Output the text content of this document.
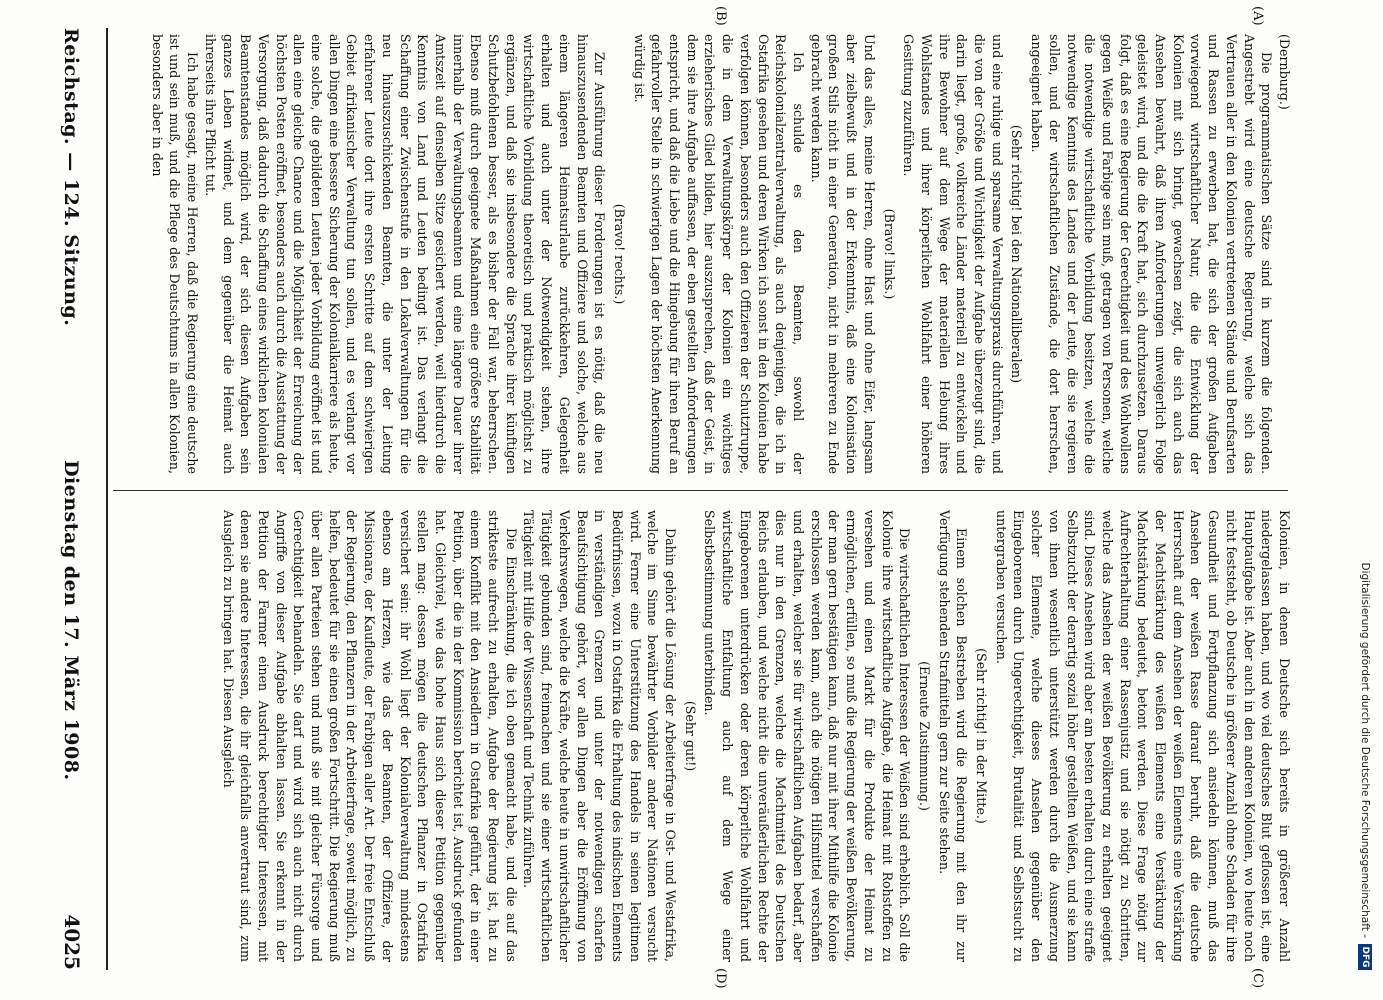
Digitalisierung gefördert durch die Deutsche Forschungsgemeinschaft -
DFG

(Dernburg.)

Die programmatischen Sätze sind in kurzem die folgenden. Angestrebt wird eine deutsche Regierung, welche sich das Vertrauen aller in den Kolonien vertretenen Stände und Berufsarten und Rassen zu erwerben hat, die sich der großen Aufgaben vorwiegend wirtschaftlicher Natur, die die Entwicklung der Kolonien mit sich bringt, gewachsen zeigt, die sich auch das Ansehen bewahrt, daß ihren Anforderungen unweigerlich Folge geleistet wird, und die die Kraft hat, sich durchzusetzen. Daraus folgt, daß es eine Regierung der Gerechtigkeit und des Wohlwollens gegen Weiße und Farbige sein muß, getragen von Personen, welche die notwendige wirtschaftliche Vorbildung besitzen, welche die notwendige Kenntnis des Landes und der Leute, die sie regieren sollen, und der wirtschaftlichen Zustände, die dort herrschen, angeeignet haben.

(Sehr richtig! bei den Nationalliberalen)

und eine ruhige und sparsame Verwaltungspraxis durchführen, und die von der Größe und Wichtigkeit der Aufgabe überzeugt sind, die darin liegt, große, volkreiche Länder materiell zu entwickeln und ihre Bewohner auf dem Wege der materiellen Hebung ihres Wohlstandes und ihrer körperlichen Wohlfahrt einer höheren Gesittung zuzuführen.

(Bravo! links.)

Und das alles, meine Herren, ohne Hast und ohne Eifer, langsam aber zielbewußt und in der Erkenntnis, daß eine Kolonisation großen Stils nicht in einer Generation, nicht in mehreren zu Ende gebracht werden kann.

Ich schulde es den Beamten, sowohl der Reichskolonialzentralverwaltung, als auch denjenigen, die ich in Ostafrika gesehen und deren Wirken ich sonst in den Kolonien habe verfolgen können, besonders auch den Offizieren der Schutztruppe, die in dem Verwaltungskörper der Kolonien ein wichtiges erzieherisches Glied bilden, hier auszusprechen, daß der Geist, in dem sie ihre Aufgabe auffassen, der eben gestellten Anforderungen entspricht, und daß die Liebe und die Hingebung für ihren Beruf an gefahrvoller Stelle in schwierigen Lagen der höchsten Anerkennung würdig ist.

(Bravo! rechts.)

Zur Ausführung dieser Forderungen ist es nötig, daß die neu hinauszusendenden Beamten und Offiziere und solche, welche aus einem längeren Heimatsurlaube zurückkehren, Gelegenheit erhalten und auch unter der Notwendigkeit stehen, ihre wirtschaftliche Vorbildung theoretisch und praktisch möglichst zu ergänzen, und daß sie insbesondere die Sprache ihrer künftigen Schutzbefohlenen besser, als es bisher der Fall war, beherrschen. Ebenso muß durch geeignete Maßnahmen eine größere Stabilität innerhalb der Verwaltungsbeamten und eine längere Dauer ihrer Amtszeit auf denselben Sitze gesichert werden, weil hierdurch die Kenntnis von Land und Leuten bedingt ist. Das verlangt die Schaffung einer Zwischenstufe in den Lokalverwaltungen für die neu hinauszuschickenden Beamten, die unter der Leitung erfahrener Leute dort ihre ersten Schritte auf dem schwierigen Gebiet afrikanischer Verwaltung tun sollen, und es verlangt vor allen Dingen eine bessere Sicherung der Kolonialkarriere als heute, eine solche, die gebildeten Leuten jeder Vorbildung eröffnet ist und allen eine gleiche Chance und die Möglichkeit der Erreichung der höchsten Posten eröffnet, besonders auch durch die Ausstattung der Versorgung, daß dadurch die Schaffung eines wirklichen kolonialen Beamtenstandes möglich wird, der sich diesen Aufgaben sein ganzes Leben widmet, und dem gegenüber die Heimat auch ihrerseits ihre Pflicht tut.

Ich habe gesagt, meine Herren, daß die Regierung eine deutsche ist und sein muß, und die Pflege des Deutschtums in allen Kolonien, besonders aber in den

Kolonien, in denen Deutsche sich bereits in größerer Anzahl niedergelassen haben, und wo viel deutsches Blut geflossen ist, eine Hauptaufgabe ist. Aber auch in den anderen Kolonien, wo heute noch nicht feststeht, ob Deutsche in größerer Anzahl ohne Schaden für ihre Gesundheit und Fortpflanzung sich ansiedeln können, muß das Ansehen der weißen Rasse darauf beruht, daß die deutsche Herrschaft auf dem Ansehen der weißen Elements eine Verstärkung der Machtstärkung des weißen Elements eine Verstärkung der Machtstärkung bedeutet, betont werden. Diese Frage nötigt zur Aufrechterhaltung einer Rassenjustiz und sie nötigt zu Schritten, welche das Ansehen der weißen Bevölkerung zu erhalten geeignet sind. Dieses Ansehen wird aber am besten erhalten durch eine straffe Selbstzucht der derartig sozial höher gestellten Weißen, und sie kann von ihnen wesentlich unterstützt werden durch die Ausmerzung solcher Elemente, welche dieses Ansehen gegenüber den Eingeborenen durch Ungerechtigkeit, Brutalität und Selbstsucht zu untergraben versuchen.

(Sehr richtig! in der Mitte.)

Einem solchen Bestreben wird die Regierung mit den ihr zur Verfügung stehenden Strafmitteln gern zur Seite stehen.

(Erneute Zustimmung.)

Die wirtschaftlichen Interessen der Weißen sind erheblich. Soll die Kolonie ihre wirtschaftliche Aufgabe, die Heimat mit Rohstoffen zu versehen und einen Markt für die Produkte der Heimat zu ermöglichen, erfüllen, so muß die Regierung der weißen Bevölkerung, der man gern bestätigen kann, daß nur mit ihrer Mithilfe die Kolonie erschlossen werden kann, auch die nötigen Hilfsmittel verschaffen und erhalten, welcher sie für wirtschaftlichen Aufgaben bedarf, aber dies nur in den Grenzen, welche die Machtmittel des Deutschen Reichs erlauben, und welche nicht die unveräußerlichen Rechte der Eingeborenen unterdrücken oder deren körperliche Wohlfahrt und wirtschaftliche Entfaltung auch auf dem Wege einer Selbstbestimmung unterbinden.

(Sehr gut!)

Dahin gehört die Lösung der Arbeiterfrage in Ost- und Westafrika, welche im Sinne bewährter Vorbilder anderer Nationen versucht wird. Ferner eine Unterstützung des Handels in seinen legitimen Bedürfnissen, wozu in Ostafrika die Erhaltung des indischen Elements in verständigen Grenzen und unter der notwendigen scharfen Beaufsichtigung gehört, vor allen Dingen aber die Eröffnung von Verkehrswegen, welche die Kräfte, welche heute in unwirtschaftlicher Tätigkeit gebunden sind, freimachen und sie einer wirtschaftlichen Tätigkeit mit Hilfe der Wissenschaft und Technik zuführen.

Die Einschränkung, die ich oben gemacht habe, und die auf das strikteste aufrecht zu erhalten, Aufgabe der Regierung ist, hat zu einem Konflikt mit den Ansiedlern in Ostafrika geführt, der in einer Petition, über die in der Kommission berichtet ist, Ausdruck gefunden hat. Gleichviel, wie das hohe Haus sich dieser Petition gegenüber stellen mag: dessen mögen die deutschen Pflanzer in Ostafrika versichert sein: ihr Wohl liegt der Kolonialverwaltung mindestens ebenso am Herzen, wie das der Beamten, der Offiziere, der Missionare, der Kaufleute, der Farbigen aller Art. Der freie Entschluß der Regierung, den Pflanzern in der Arbeiterfrage, soweit möglich, zu helfen, bedeutet für sie einen großen Fortschritt. Die Regierung muß über allen Parteien stehen und muß sie mit gleicher Fürsorge und Gerechtigkeit behandeln. Sie darf und wird sich auch nicht durch Angriffe von dieser Aufgabe abhalten lassen. Sie erkennt in der Petition der Farmer einen Ausdruck berechtigter Interessen, mit denen sie andere Interessen, die ihr gleichfalls anvertraut sind, zum Ausgleich zu bringen hat. Diesen Ausgleich

(A)
(B)
(C)
(D)
Reichstag. — 124. Sitzung.
Dienstag den 17. März 1908.
4025
